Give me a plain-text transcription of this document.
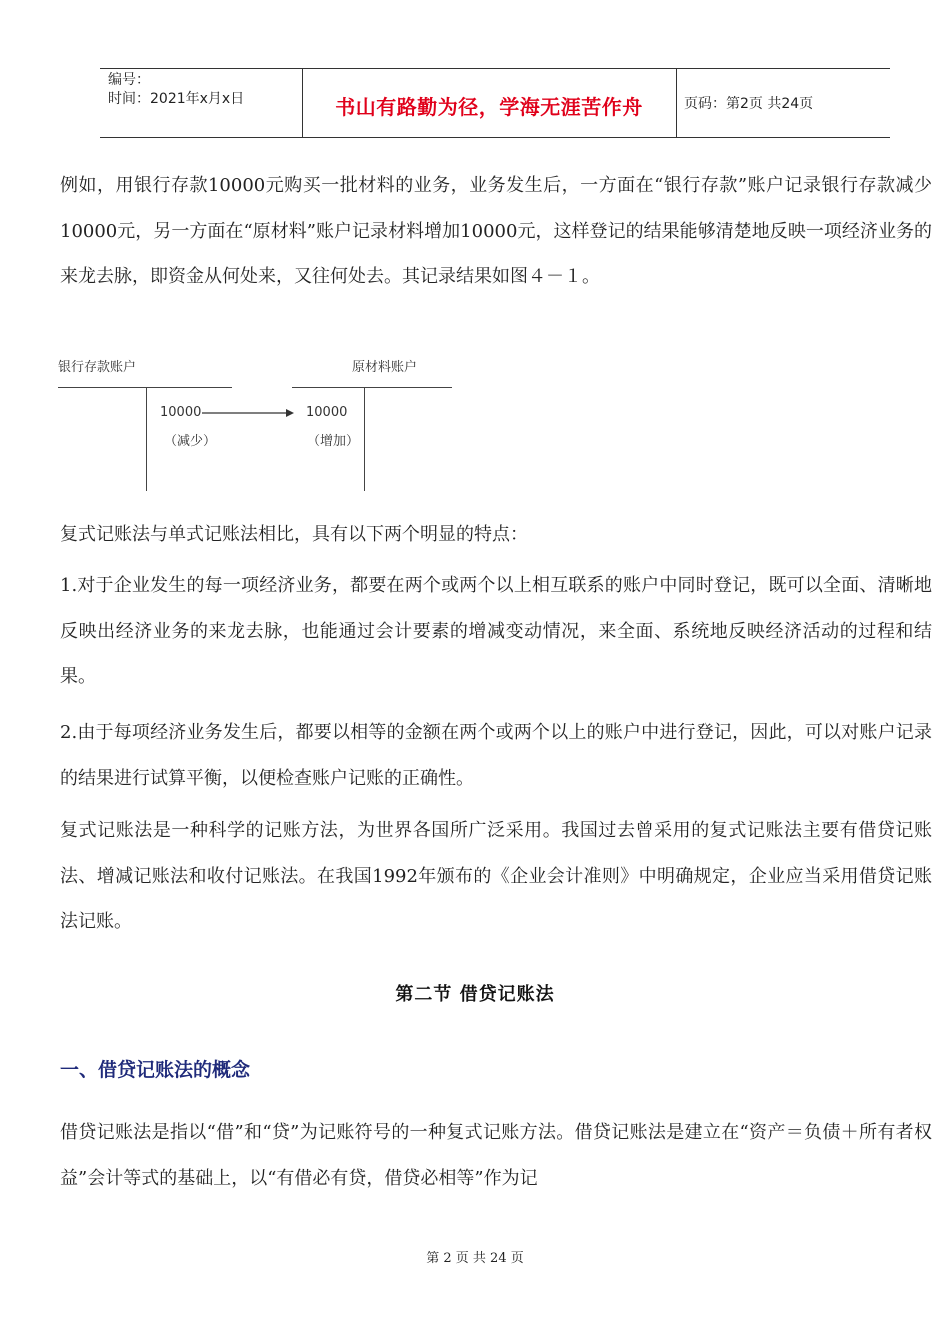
编号：
时间：2021年x月x日	书山有路勤为径，学海无涯苦作舟	页码：第2页 共24页

例如，用银行存款10000元购买一批材料的业务，业务发生后，一方面在“银行存款”账户记录银行存款减少10000元，另一方面在“原材料”账户记录材料增加10000元，这样登记的结果能够清楚地反映一项经济业务的来龙去脉，即资金从何处来，又往何处去。其记录结果如图４－１。

银行存款账户	原材料账户
10000
（减少）
10000
（增加）

复式记账法与单式记账法相比，具有以下两个明显的特点：

1.对于企业发生的每一项经济业务，都要在两个或两个以上相互联系的账户中同时登记，既可以全面、清晰地反映出经济业务的来龙去脉，也能通过会计要素的增减变动情况，来全面、系统地反映经济活动的过程和结果。

2.由于每项经济业务发生后，都要以相等的金额在两个或两个以上的账户中进行登记，因此，可以对账户记录的结果进行试算平衡，以便检查账户记账的正确性。

复式记账法是一种科学的记账方法，为世界各国所广泛采用。我国过去曾采用的复式记账法主要有借贷记账法、增减记账法和收付记账法。在我国1992年颁布的《企业会计准则》中明确规定，企业应当采用借贷记账法记账。

第二节 借贷记账法
一、借贷记账法的概念

借贷记账法是指以“借”和“贷”为记账符号的一种复式记账方法。借贷记账法是建立在“资产＝负债＋所有者权益”会计等式的基础上，以“有借必有贷，借贷必相等”作为记

第 2 页 共 24 页
